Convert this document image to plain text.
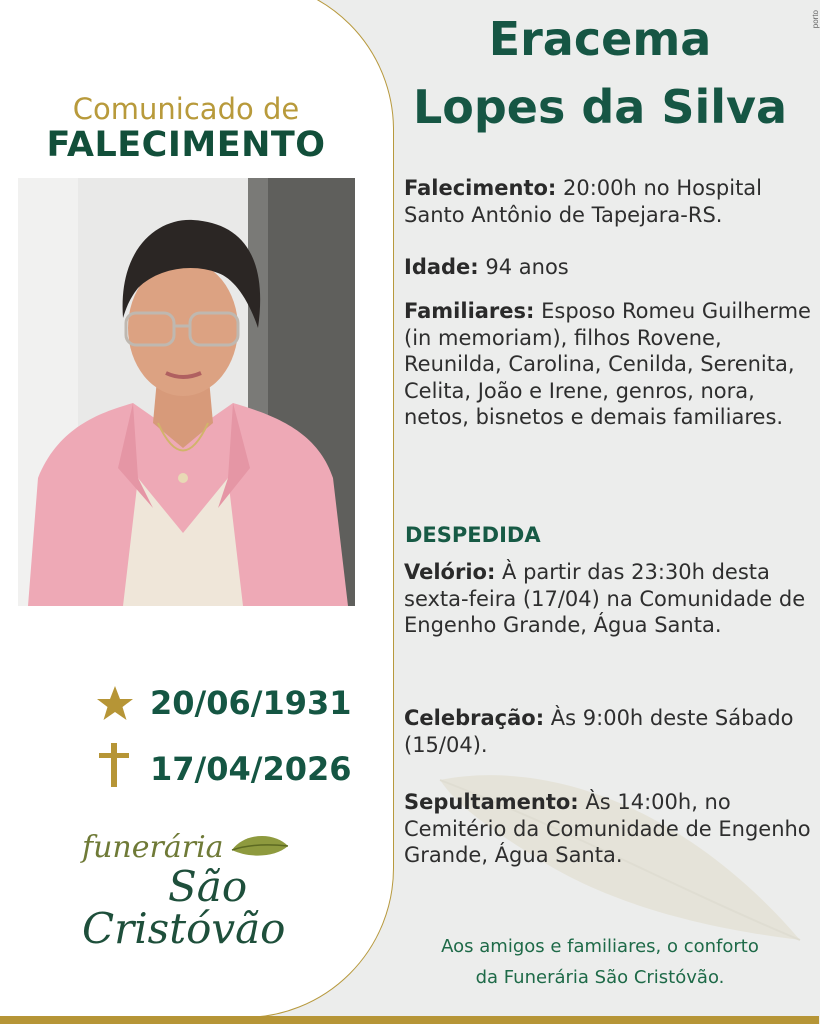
porto
Comunicado de
FALECIMENTO
20/06/1931
17/04/2026
funerária
São
Cristóvão
Eracema
Lopes da Silva
Falecimento: 20:00h no Hospital Santo Antônio de Tapejara-RS.
Idade: 94 anos
Familiares: Esposo Romeu Guilherme (in memoriam), filhos Rovene, Reunilda, Carolina, Cenilda, Serenita, Celita, João e Irene, genros, nora, netos, bisnetos e demais familiares.
DESPEDIDA
Velório: À partir das 23:30h desta sexta-feira (17/04) na Comunidade de Engenho Grande, Água Santa.
Celebração: Às 9:00h deste Sábado (15/04).
Sepultamento: Às 14:00h, no Cemitério da Comunidade de Engenho Grande, Água Santa.
Aos amigos e familiares, o conforto
da Funerária São Cristóvão.
